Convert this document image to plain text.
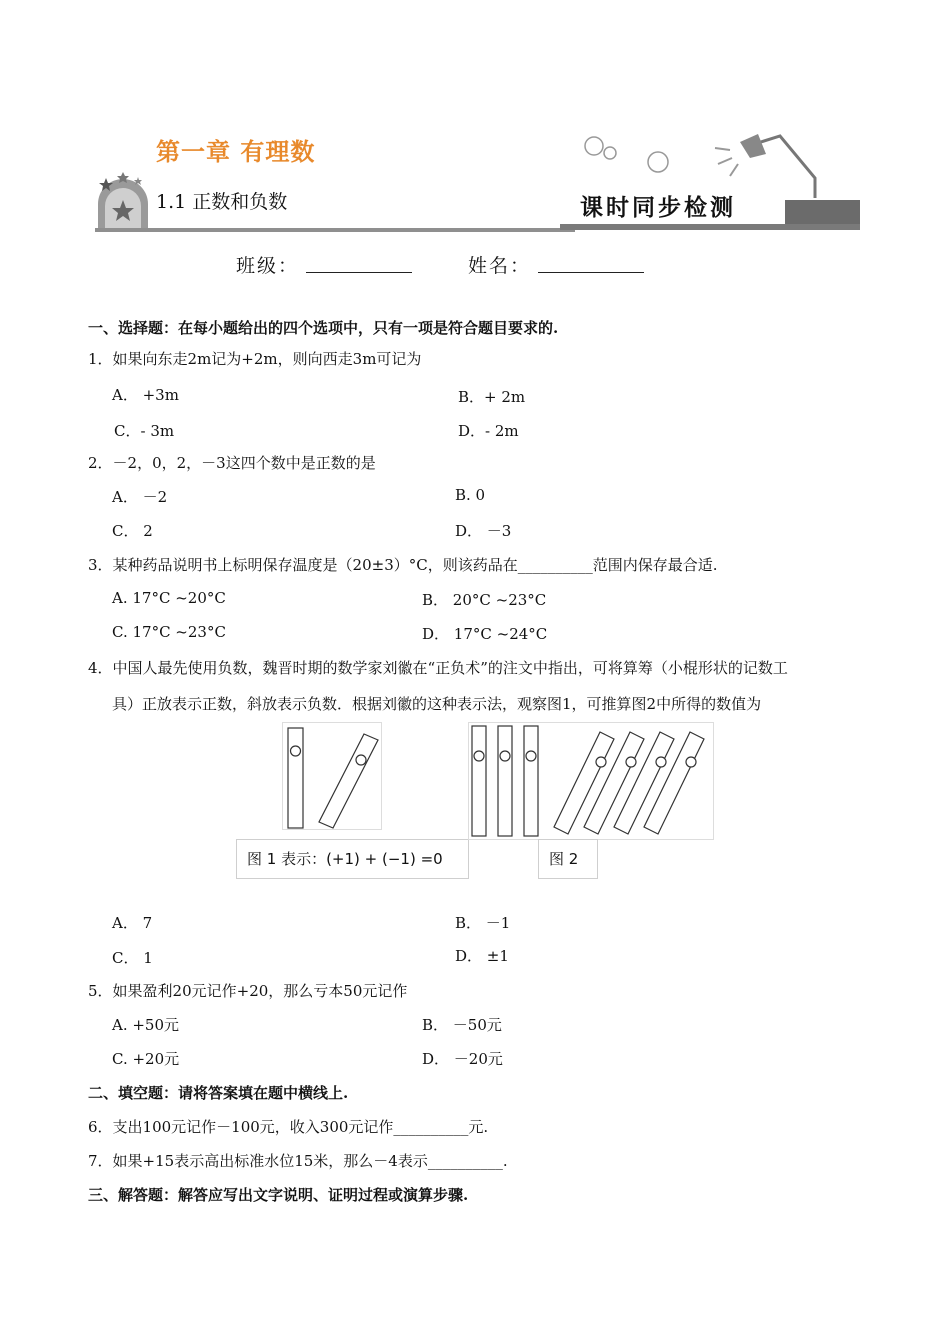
第一章 有理数
1.1 正数和负数	课时同步检测
班级：	姓名：
一、选择题：在每小题给出的四个选项中，只有一项是符合题目要求的.
1．如果向东走2m记为+2m，则向西走3m可记为
A． +3m	B．+ 2m
C．- 3m	D．- 2m
2．－2，0，2，－3这四个数中是正数的是
A． －2	B. 0
C． 2	D． －3
3．某种药品说明书上标明保存温度是（20±3）°C，则该药品在__________范围内保存最合适.
A. 17°C ~20°C	B． 20°C ~23°C
C. 17°C ~23°C	D． 17°C ~24°C
4．中国人最先使用负数，魏晋时期的数学家刘徽在“正负术”的注文中指出，可将算筹（小棍形状的记数工
具）正放表示正数，斜放表示负数．根据刘徽的这种表示法，观察图1，可推算图2中所得的数值为
图 1 表示：(+1) + (−1) =0	图 2
A． 7	B． －1
C． 1	D． ±1
5．如果盈利20元记作+20，那么亏本50元记作
A. +50元	B． －50元
C. +20元	D． －20元
二、填空题：请将答案填在题中横线上.
6．支出100元记作－100元，收入300元记作__________元.
7．如果+15表示高出标准水位15米，那么－4表示__________.
三、解答题：解答应写出文字说明、证明过程或演算步骤.
